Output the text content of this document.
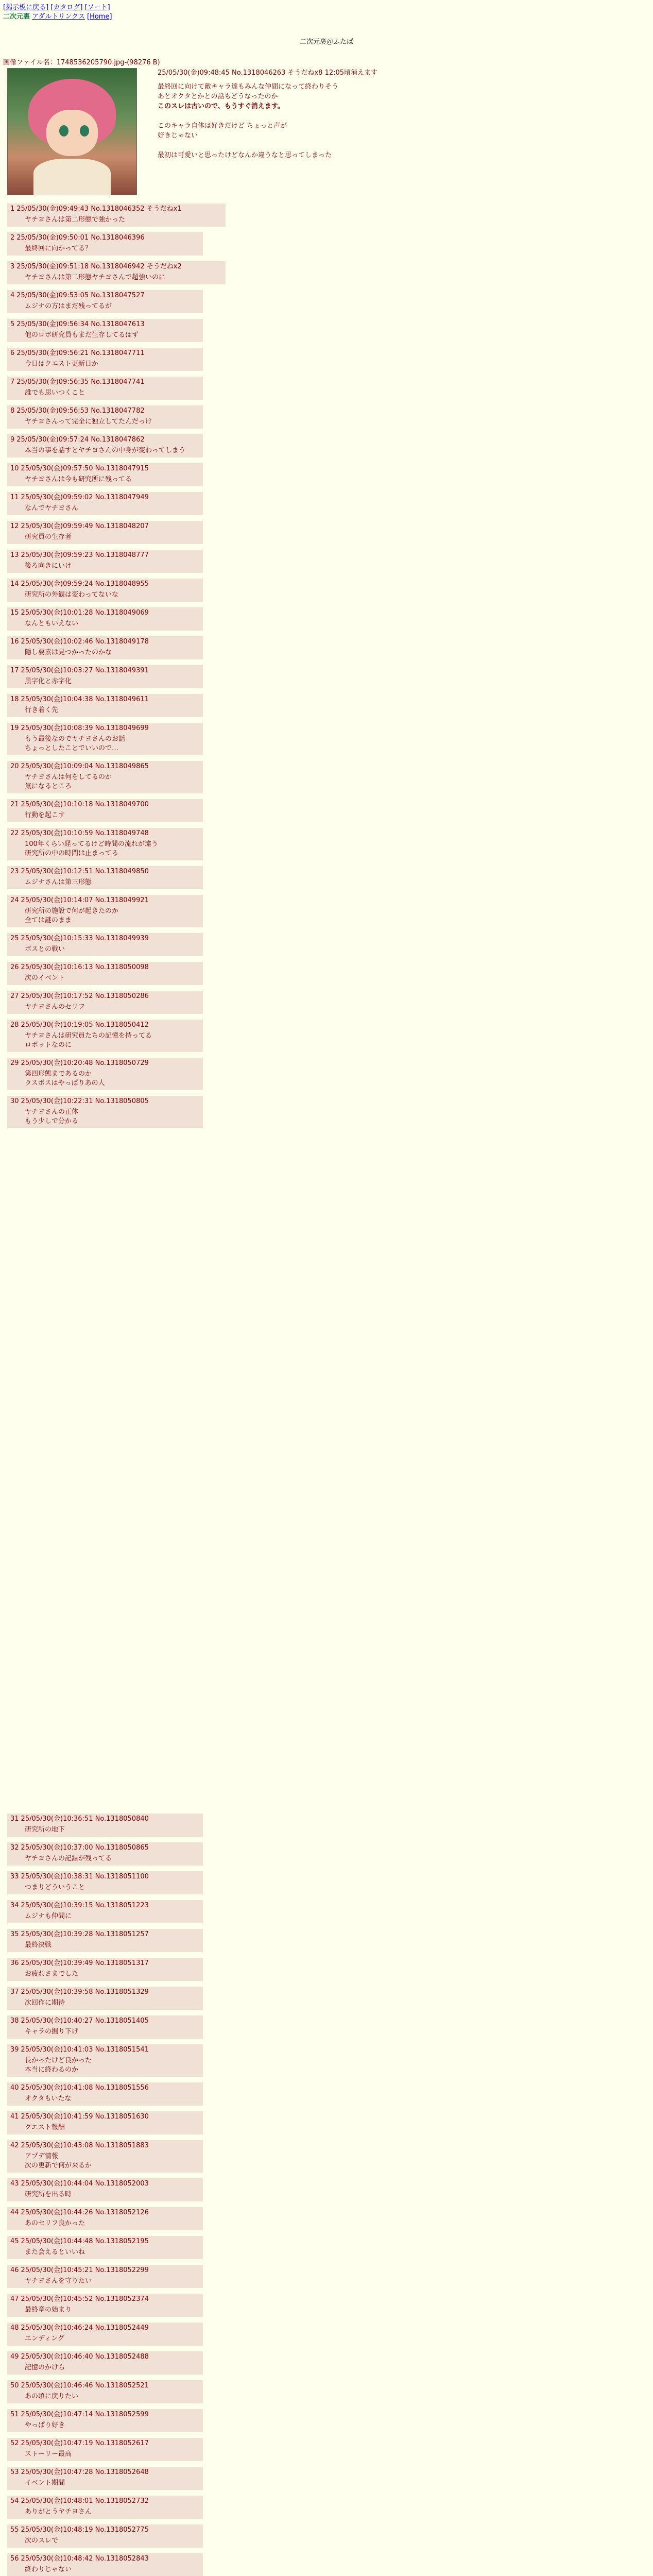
[掲示板に戻る] [カタログ] [ソート]
二次元裏 アダルトリンクス [Home]
二次元裏＠ふたば
画像ファイル名：1748536205790.jpg-(98276 B)
25/05/30(金)09:48:45 No.1318046263 そうだねx8 12:05頃消えます
最終回に向けて敵キャラ達もみんな仲間になって終わりそう
あとオクタとかとの話もどうなったのか
このスレは古いので、もうすぐ消えます。
このキャラ自体は好きだけど ちょっと声が
好きじゃない
最初は可愛いと思ったけどなんか違うなと思ってしまった
1 25/05/30(金)09:49:43 No.1318046352 そうだねx1
ヤチヨさんは第二形態で強かった
2 25/05/30(金)09:50:01 No.1318046396
最終回に向かってる？
3 25/05/30(金)09:51:18 No.1318046942 そうだねx2
ヤチヨさんは第二形態ヤチヨさんで超強いのに
4 25/05/30(金)09:53:05 No.1318047527
ムジナの方はまだ残ってるが
5 25/05/30(金)09:56:34 No.1318047613
他のロボ研究員もまだ生存してるはず
6 25/05/30(金)09:56:21 No.1318047711
今日はクエスト更新日か
7 25/05/30(金)09:56:35 No.1318047741
誰でも思いつくこと
8 25/05/30(金)09:56:53 No.1318047782
ヤチヨさんって完全に独立してたんだっけ
9 25/05/30(金)09:57:24 No.1318047862
本当の事を話すとヤチヨさんの中身が変わってしまう
10 25/05/30(金)09:57:50 No.1318047915
ヤチヨさんは今も研究所に残ってる
11 25/05/30(金)09:59:02 No.1318047949
なんでヤチヨさん
12 25/05/30(金)09:59:49 No.1318048207
研究員の生存者
13 25/05/30(金)09:59:23 No.1318048777
後ろ向きにいけ
14 25/05/30(金)09:59:24 No.1318048955
研究所の外観は変わってないな
15 25/05/30(金)10:01:28 No.1318049069
なんともいえない
16 25/05/30(金)10:02:46 No.1318049178
隠し要素は見つかったのかな
17 25/05/30(金)10:03:27 No.1318049391
黒字化と赤字化
18 25/05/30(金)10:04:38 No.1318049611
行き着く先
19 25/05/30(金)10:08:39 No.1318049699
もう最後なのでヤチヨさんのお話
ちょっとしたことでいいので…
20 25/05/30(金)10:09:04 No.1318049865
ヤチヨさんは何をしてるのか
気になるところ
21 25/05/30(金)10:10:18 No.1318049700
行動を起こす
22 25/05/30(金)10:10:59 No.1318049748
100年くらい経ってるけど時間の流れが違う
研究所の中の時間は止まってる
23 25/05/30(金)10:12:51 No.1318049850
ムジナさんは第三形態
24 25/05/30(金)10:14:07 No.1318049921
研究所の施設で何が起きたのか
全ては謎のまま
25 25/05/30(金)10:15:33 No.1318049939
ボスとの戦い
26 25/05/30(金)10:16:13 No.1318050098
次のイベント
27 25/05/30(金)10:17:52 No.1318050286
ヤチヨさんのセリフ
28 25/05/30(金)10:19:05 No.1318050412
ヤチヨさんは研究員たちの記憶を持ってる
ロボットなのに
29 25/05/30(金)10:20:48 No.1318050729
第四形態まであるのか
ラスボスはやっぱりあの人
30 25/05/30(金)10:22:31 No.1318050805
ヤチヨさんの正体
もう少しで分かる
31 25/05/30(金)10:36:51 No.1318050840
研究所の地下
32 25/05/30(金)10:37:00 No.1318050865
ヤチヨさんの記録が残ってる
33 25/05/30(金)10:38:31 No.1318051100
つまりどういうこと
34 25/05/30(金)10:39:15 No.1318051223
ムジナも仲間に
35 25/05/30(金)10:39:28 No.1318051257
最終決戦
36 25/05/30(金)10:39:49 No.1318051317
お疲れさまでした
37 25/05/30(金)10:39:58 No.1318051329
次回作に期待
38 25/05/30(金)10:40:27 No.1318051405
キャラの掘り下げ
39 25/05/30(金)10:41:03 No.1318051541
長かったけど良かった
本当に終わるのか
40 25/05/30(金)10:41:08 No.1318051556
オクタもいたな
41 25/05/30(金)10:41:59 No.1318051630
クエスト報酬
42 25/05/30(金)10:43:08 No.1318051883
アプデ情報
次の更新で何が来るか
43 25/05/30(金)10:44:04 No.1318052003
研究所を出る時
44 25/05/30(金)10:44:26 No.1318052126
あのセリフ良かった
45 25/05/30(金)10:44:48 No.1318052195
また会えるといいね
46 25/05/30(金)10:45:21 No.1318052299
ヤチヨさんを守りたい
47 25/05/30(金)10:45:52 No.1318052374
最終章の始まり
48 25/05/30(金)10:46:24 No.1318052449
エンディング
49 25/05/30(金)10:46:40 No.1318052488
記憶のかけら
50 25/05/30(金)10:46:46 No.1318052521
あの頃に戻りたい
51 25/05/30(金)10:47:14 No.1318052599
やっぱり好き
52 25/05/30(金)10:47:19 No.1318052617
ストーリー最高
53 25/05/30(金)10:47:28 No.1318052648
イベント期間
54 25/05/30(金)10:48:01 No.1318052732
ありがとうヤチヨさん
55 25/05/30(金)10:48:19 No.1318052775
次のスレで
56 25/05/30(金)10:48:42 No.1318052843
終わりじゃない
